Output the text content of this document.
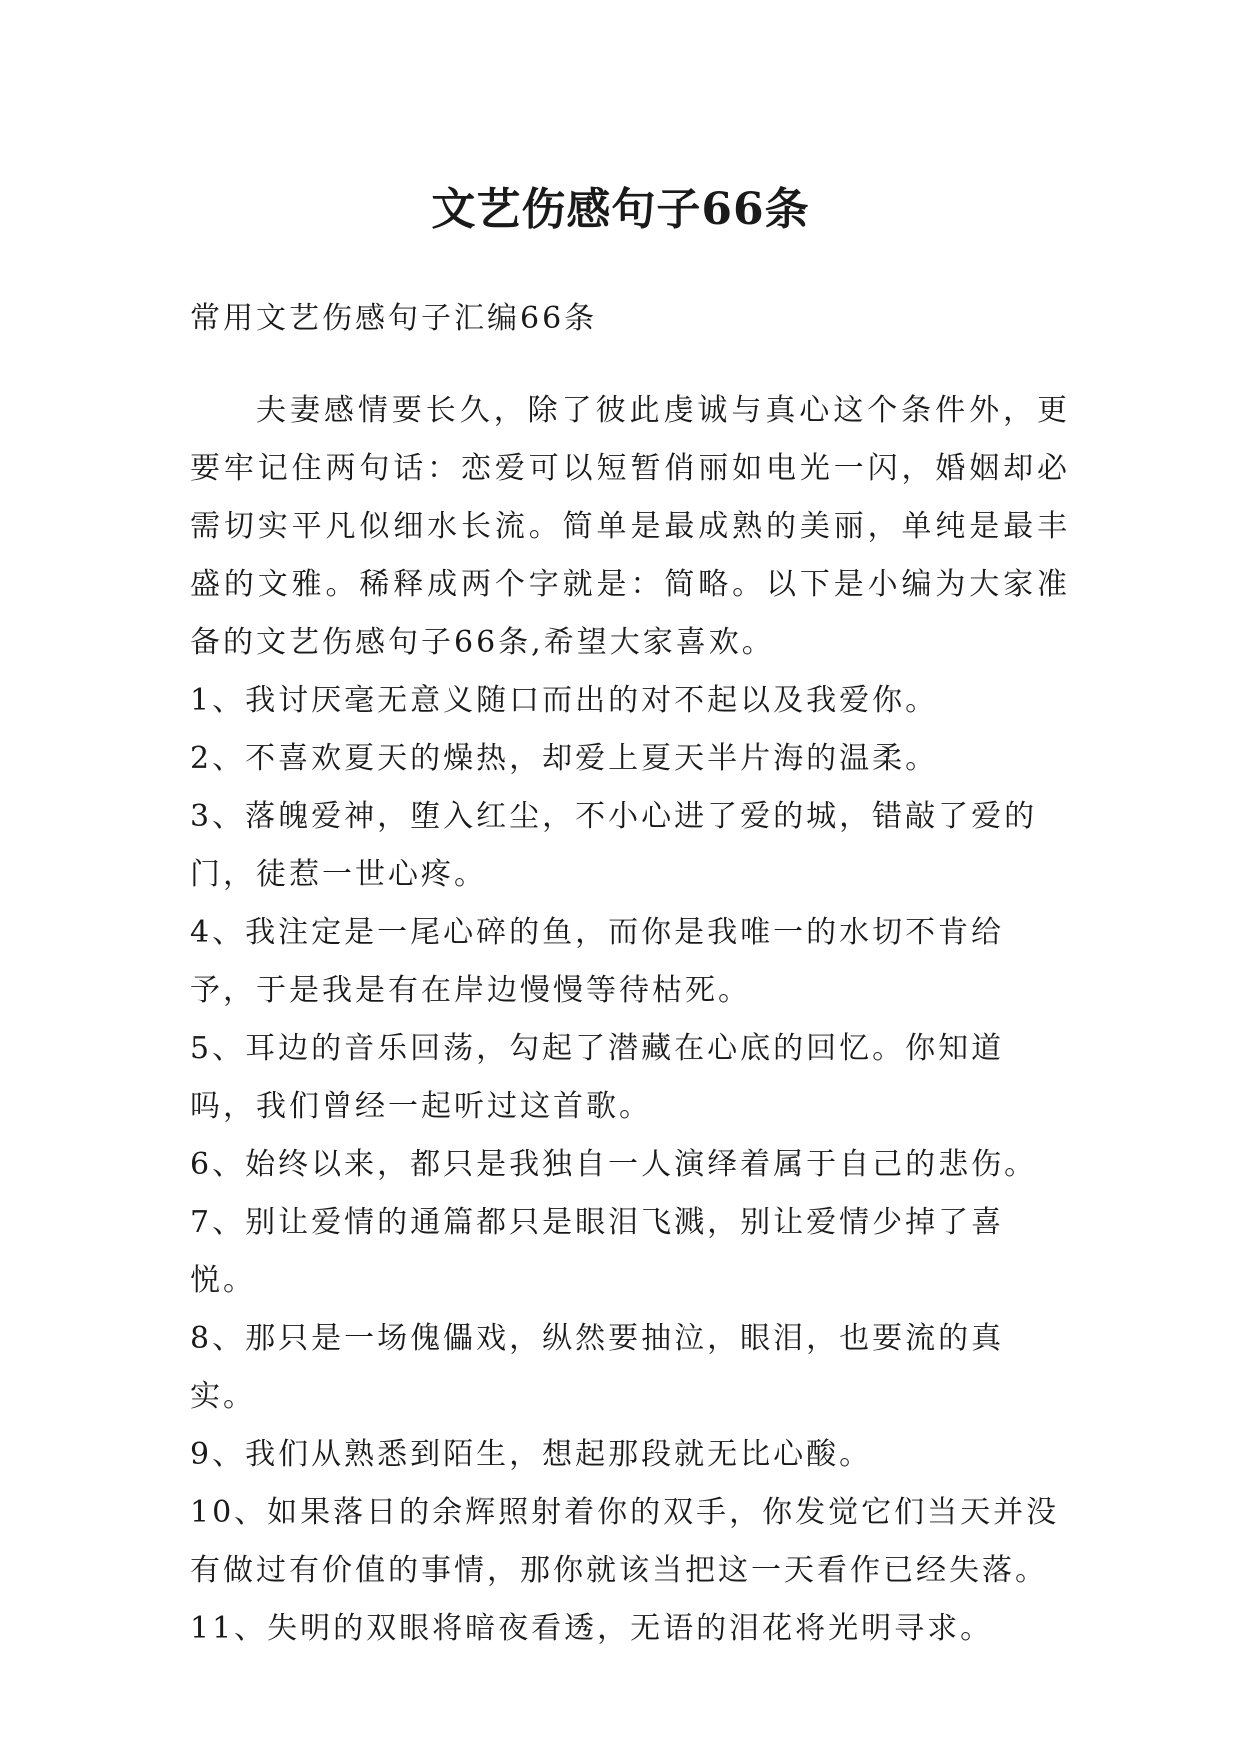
文艺伤感句子66条

常用文艺伤感句子汇编66条

夫妻感情要长久，除了彼此虔诚与真心这个条件外，更要牢记住两句话：恋爱可以短暂俏丽如电光一闪，婚姻却必需切实平凡似细水长流。简单是最成熟的美丽，单纯是最丰盛的文雅。稀释成两个字就是：简略。以下是小编为大家准备的文艺伤感句子66条,希望大家喜欢。

1、我讨厌毫无意义随口而出的对不起以及我爱你。

2、不喜欢夏天的燥热，却爱上夏天半片海的温柔。

3、落魄爱神，堕入红尘，不小心进了爱的城，错敲了爱的门，徒惹一世心疼。

4、我注定是一尾心碎的鱼，而你是我唯一的水切不肯给予，于是我是有在岸边慢慢等待枯死。

5、耳边的音乐回荡，勾起了潜藏在心底的回忆。你知道吗，我们曾经一起听过这首歌。

6、始终以来，都只是我独自一人演绎着属于自己的悲伤。

7、别让爱情的通篇都只是眼泪飞溅，别让爱情少掉了喜悦。

8、那只是一场傀儡戏，纵然要抽泣，眼泪，也要流的真实。

9、我们从熟悉到陌生，想起那段就无比心酸。

10、如果落日的余辉照射着你的双手，你发觉它们当天并没有做过有价值的事情，那你就该当把这一天看作已经失落。

11、失明的双眼将暗夜看透，无语的泪花将光明寻求。
